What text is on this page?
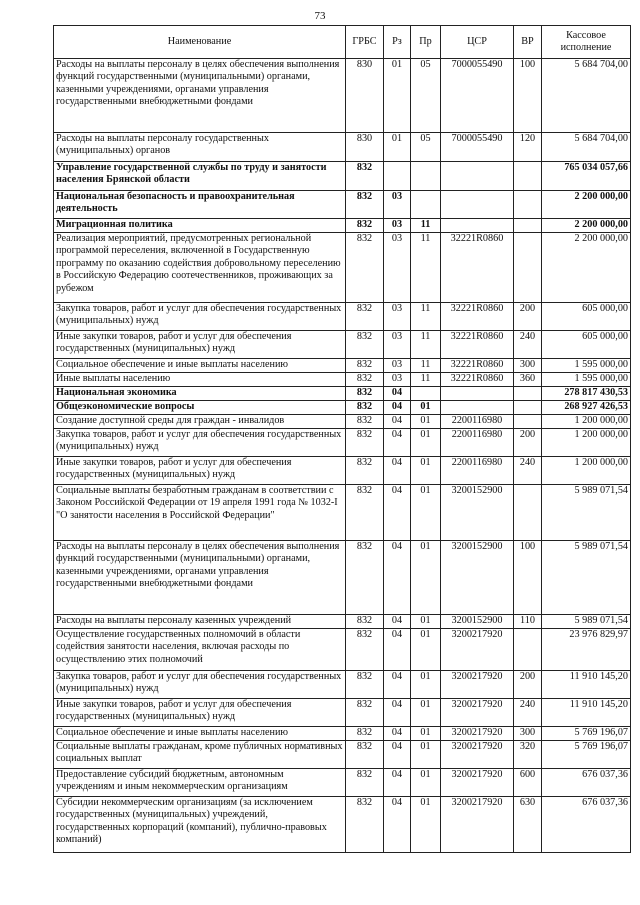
73
Наименование	ГРБС	Рз	Пр	ЦСР	ВР	Кассовое исполнение
Расходы на выплаты персоналу в целях обеспечения выполнения функций государственными (муниципальными) органами, казенными учреждениями, органами управления государственными внебюджетными фондами	830	01	05	7000055490	100	5 684 704,00
Расходы на выплаты персоналу государственных (муниципальных) органов	830	01	05	7000055490	120	5 684 704,00
Управление государственной службы по труду и занятости населения Брянской области	832					765 034 057,66
Национальная безопасность и правоохранительная деятельность	832	03				2 200 000,00
Миграционная политика	832	03	11			2 200 000,00
Реализация мероприятий, предусмотренных региональной программой переселения, включенной в Государственную программу по оказанию содействия добровольному переселению в Российскую Федерацию соотечественников, проживающих за рубежом	832	03	11	32221R0860		2 200 000,00
Закупка товаров, работ и услуг для обеспечения государственных (муниципальных) нужд	832	03	11	32221R0860	200	605 000,00
Иные закупки товаров, работ и услуг для обеспечения государственных (муниципальных) нужд	832	03	11	32221R0860	240	605 000,00
Социальное обеспечение и иные выплаты населению	832	03	11	32221R0860	300	1 595 000,00
Иные выплаты населению	832	03	11	32221R0860	360	1 595 000,00
Национальная экономика	832	04				278 817 430,53
Общеэкономические вопросы	832	04	01			268 927 426,53
Создание доступной среды для граждан - инвалидов	832	04	01	2200116980		1 200 000,00
Закупка товаров, работ и услуг для обеспечения государственных (муниципальных) нужд	832	04	01	2200116980	200	1 200 000,00
Иные закупки товаров, работ и услуг для обеспечения государственных (муниципальных) нужд	832	04	01	2200116980	240	1 200 000,00
Социальные выплаты безработным гражданам в соответствии с Законом Российской Федерации от 19 апреля 1991 года № 1032-I "О занятости населения в Российской Федерации"	832	04	01	3200152900		5 989 071,54
Расходы на выплаты персоналу в целях обеспечения выполнения функций государственными (муниципальными) органами, казенными учреждениями, органами управления государственными внебюджетными фондами	832	04	01	3200152900	100	5 989 071,54
Расходы на выплаты персоналу казенных учреждений	832	04	01	3200152900	110	5 989 071,54
Осуществление государственных полномочий в области содействия занятости населения, включая расходы по осуществлению этих полномочий	832	04	01	3200217920		23 976 829,97
Закупка товаров, работ и услуг для обеспечения государственных (муниципальных) нужд	832	04	01	3200217920	200	11 910 145,20
Иные закупки товаров, работ и услуг для обеспечения государственных (муниципальных) нужд	832	04	01	3200217920	240	11 910 145,20
Социальное обеспечение и иные выплаты населению	832	04	01	3200217920	300	5 769 196,07
Социальные выплаты гражданам, кроме публичных нормативных социальных выплат	832	04	01	3200217920	320	5 769 196,07
Предоставление субсидий бюджетным, автономным учреждениям и иным некоммерческим организациям	832	04	01	3200217920	600	676 037,36
Субсидии некоммерческим организациям (за исключением государственных (муниципальных) учреждений, государственных корпораций (компаний), публично-правовых компаний)	832	04	01	3200217920	630	676 037,36
